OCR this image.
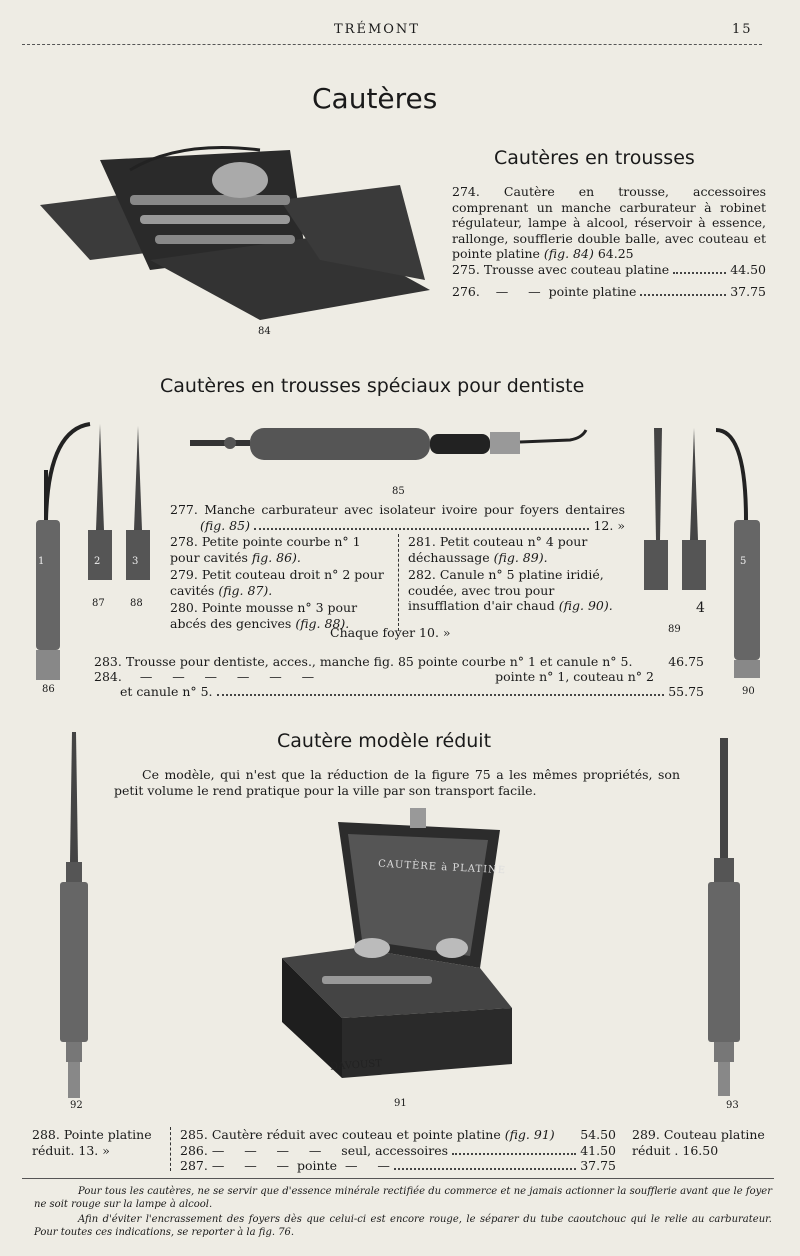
TRÉMONT	15
Cautères
84
Cautères en trousses
274. Cautère en trousse, accessoires comprenant un manche carburateur à robinet régulateur, lampe à alcool, réservoir à essence, rallonge, soufflerie double balle, avec couteau et pointe platine (fig. 84) 64.25
275.
Trousse avec couteau platine	44.50
276.
—     —  pointe platine	37.75
Cautères en trousses spéciaux pour dentiste
85
1	2	3
86
87	88	4
5
89
90
277. Manche carburateur avec isolateur ivoire pour foyers dentaires
(fig. 85)	12. »
278. Petite pointe courbe n° 1 pour cavités fig. 86).
279. Petit couteau droit n° 2 pour cavités (fig. 87).
280. Pointe mousse n° 3 pour abcés des gencives (fig. 88).
281. Petit couteau n° 4 pour déchaussage (fig. 89).
282. Canule n° 5 platine iridié, coudée, avec trou pour insufflation d'air chaud (fig. 90).
Chaque foyer 10. »
283. Trousse pour dentiste, acces., manche fig. 85 pointe courbe n° 1 et canule n° 5.	46.75
284. —     —     —     —     —     —	pointe n° 1, couteau n° 2
et canule n° 5.	55.75
Cautère modèle réduit
Ce modèle, qui n'est que la réduction de la figure 75 a les mêmes propriétés, son petit volume le rend pratique pour la ville par son transport facile.
92	93
CAUTÈRE à PLATINE
DAVOUST
91
288. Pointe platine réduit. 13. »
285. Cautère réduit avec couteau et pointe platine (fig. 91) 54.50
286.
—     —     —     —     seul, accessoires	41.50
287.
—     —     —  pointe  —     —	37.75
289. Couteau platine réduit . 16.50
Pour tous les cautères, ne se servir que d'essence minérale rectifiée du commerce et ne jamais actionner la soufflerie avant que le foyer ne soit rouge sur la lampe à alcool.
Afin d'éviter l'encrassement des foyers dès que celui-ci est encore rouge, le séparer du tube caoutchouc qui le relie au carburateur. Pour toutes ces indications, se reporter à la fig. 76.
